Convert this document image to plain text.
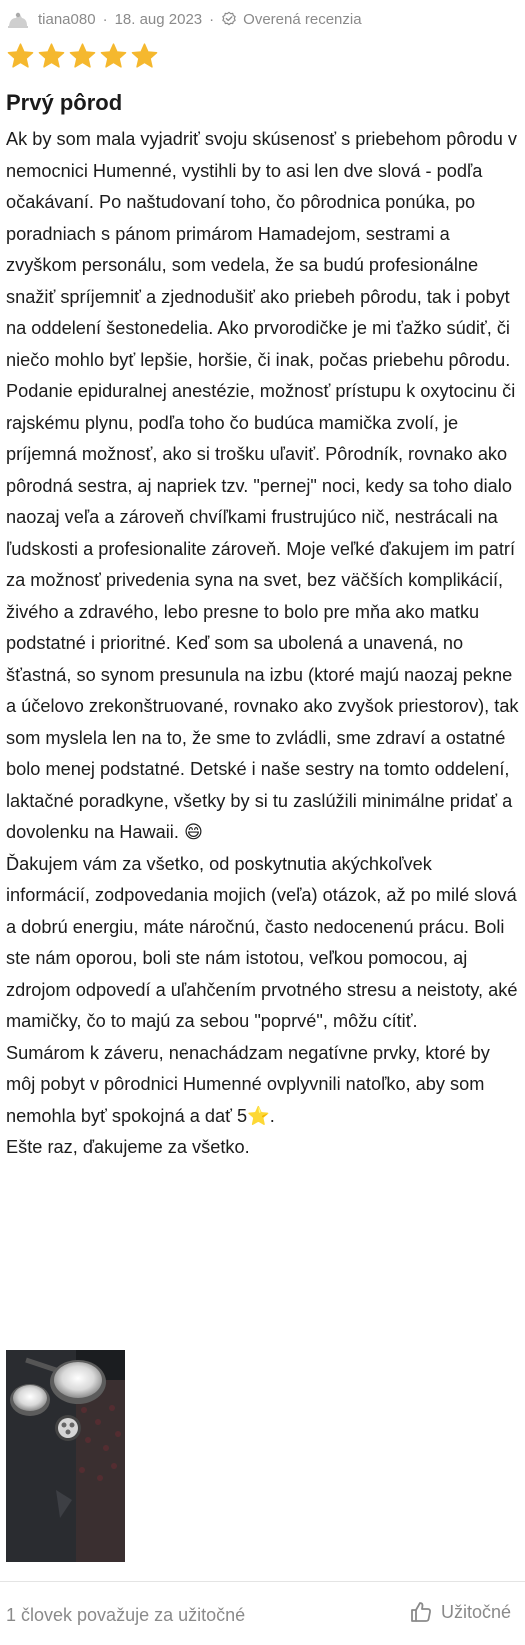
tiana080 · 18. aug 2023 · Overená recenzia
Prvý pôrod

Ak by som mala vyjadriť svoju skúsenosť s priebehom pôrodu v nemocnici Humenné, vystihli by to asi len dve slová - podľa očakávaní. Po naštudovaní toho, čo pôrodnica ponúka, po poradniach s pánom primárom Hamadejom, sestrami a zvyškom personálu, som vedela, že sa budú profesionálne snažiť spríjemniť a zjednodušiť ako priebeh pôrodu, tak i pobyt na oddelení šestonedelia. Ako prvorodičke je mi ťažko súdiť, či niečo mohlo byť lepšie, horšie, či inak, počas priebehu pôrodu. Podanie epiduralnej anestézie, možnosť prístupu k oxytocinu či rajskému plynu, podľa toho čo budúca mamička zvolí, je príjemná možnosť, ako si trošku uľaviť. Pôrodník, rovnako ako pôrodná sestra, aj napriek tzv. "pernej" noci, kedy sa toho dialo naozaj veľa a zároveň chvíľkami frustrujúco nič, nestrácali na ľudskosti a profesionalite zároveň. Moje veľké ďakujem im patrí za možnosť privedenia syna na svet, bez väčších komplikácií, živého a zdravého, lebo presne to bolo pre mňa ako matku podstatné i prioritné. Keď som sa ubolená a unavená, no šťastná, so synom presunula na izbu (ktoré majú naozaj pekne a účelovo zrekonštruované, rovnako ako zvyšok priestorov), tak som myslela len na to, že sme to zvládli, sme zdraví a ostatné bolo menej podstatné. Detské i naše sestry na tomto oddelení, laktačné poradkyne, všetky by si tu zaslúžili minimálne pridať a dovolenku na Hawaii. 😄
Ďakujem vám za všetko, od poskytnutia akýchkoľvek informácií, zodpovedania mojich (veľa) otázok, až po milé slová a dobrú energiu, máte náročnú, často nedocenenú prácu. Boli ste nám oporou, boli ste nám istotou, veľkou pomocou, aj zdrojom odpovedí a uľahčením prvotného stresu a neistoty, aké mamičky, čo to majú za sebou "poprvé", môžu cítiť.
Sumárom k záveru, nenachádzam negatívne prvky, ktoré by môj pobyt v pôrodnici Humenné ovplyvnili natoľko, aby som nemohla byť spokojná a dať 5⭐.
Ešte raz, ďakujeme za všetko.

1 človek považuje za užitočné	Užitočné
